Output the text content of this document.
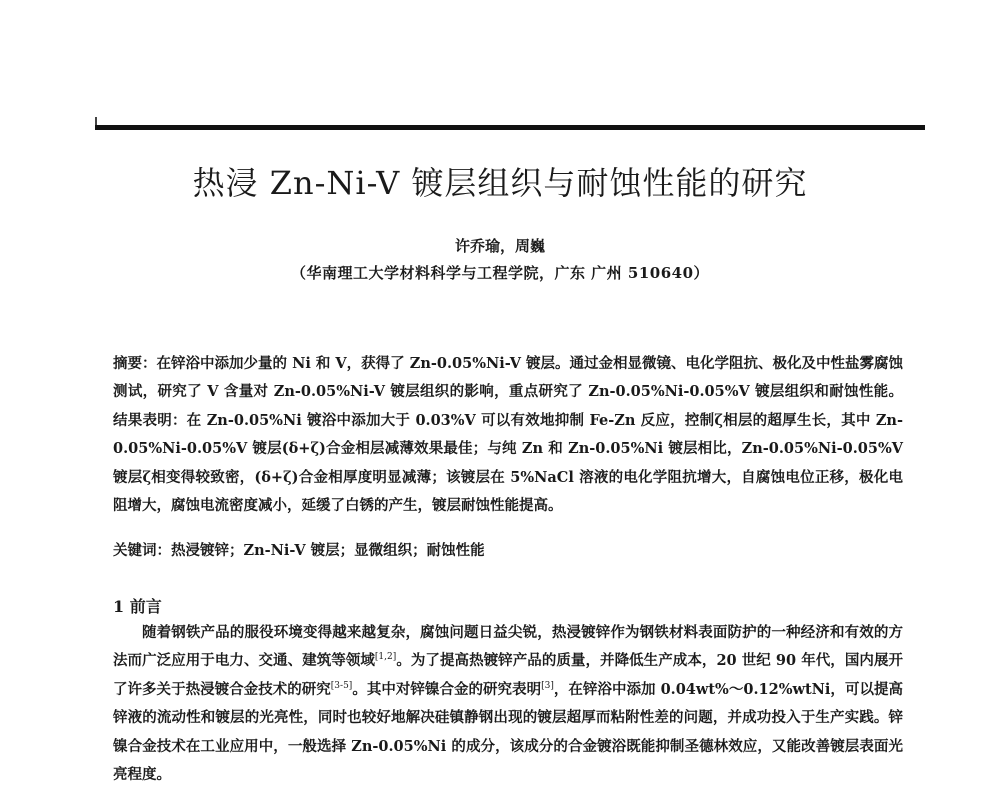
热浸 Zn-Ni-V 镀层组织与耐蚀性能的研究
许乔瑜，周巍
（华南理工大学材料科学与工程学院，广东 广州 510640）

摘要：在锌浴中添加少量的 Ni 和 V，获得了 Zn-0.05%Ni-V 镀层。通过金相显微镜、电化学阻抗、极化及中性盐雾腐蚀测试，研究了 V 含量对 Zn-0.05%Ni-V 镀层组织的影响，重点研究了 Zn-0.05%Ni-0.05%V 镀层组织和耐蚀性能。结果表明：在 Zn-0.05%Ni 镀浴中添加大于 0.03%V 可以有效地抑制 Fe-Zn 反应，控制ζ相层的超厚生长，其中 Zn-0.05%Ni-0.05%V 镀层(δ+ζ)合金相层减薄效果最佳；与纯 Zn 和 Zn-0.05%Ni 镀层相比，Zn-0.05%Ni-0.05%V 镀层ζ相变得较致密，(δ+ζ)合金相厚度明显减薄；该镀层在 5%NaCl 溶液的电化学阻抗增大，自腐蚀电位正移，极化电阻增大，腐蚀电流密度减小，延缓了白锈的产生，镀层耐蚀性能提高。

关键词：热浸镀锌；Zn-Ni-V 镀层；显微组织；耐蚀性能

1 前言

随着钢铁产品的服役环境变得越来越复杂，腐蚀问题日益尖锐，热浸镀锌作为钢铁材料表面防护的一种经济和有效的方法而广泛应用于电力、交通、建筑等领域[1,2]。为了提高热镀锌产品的质量，并降低生产成本，20 世纪 90 年代，国内展开了许多关于热浸镀合金技术的研究[3-5]。其中对锌镍合金的研究表明[3]，在锌浴中添加 0.04wt%～0.12%wtNi，可以提高锌液的流动性和镀层的光亮性，同时也较好地解决硅镇静钢出现的镀层超厚而粘附性差的问题，并成功投入于生产实践。锌镍合金技术在工业应用中，一般选择 Zn-0.05%Ni 的成分，该成分的合金镀浴既能抑制圣德林效应，又能改善镀层表面光亮程度。
